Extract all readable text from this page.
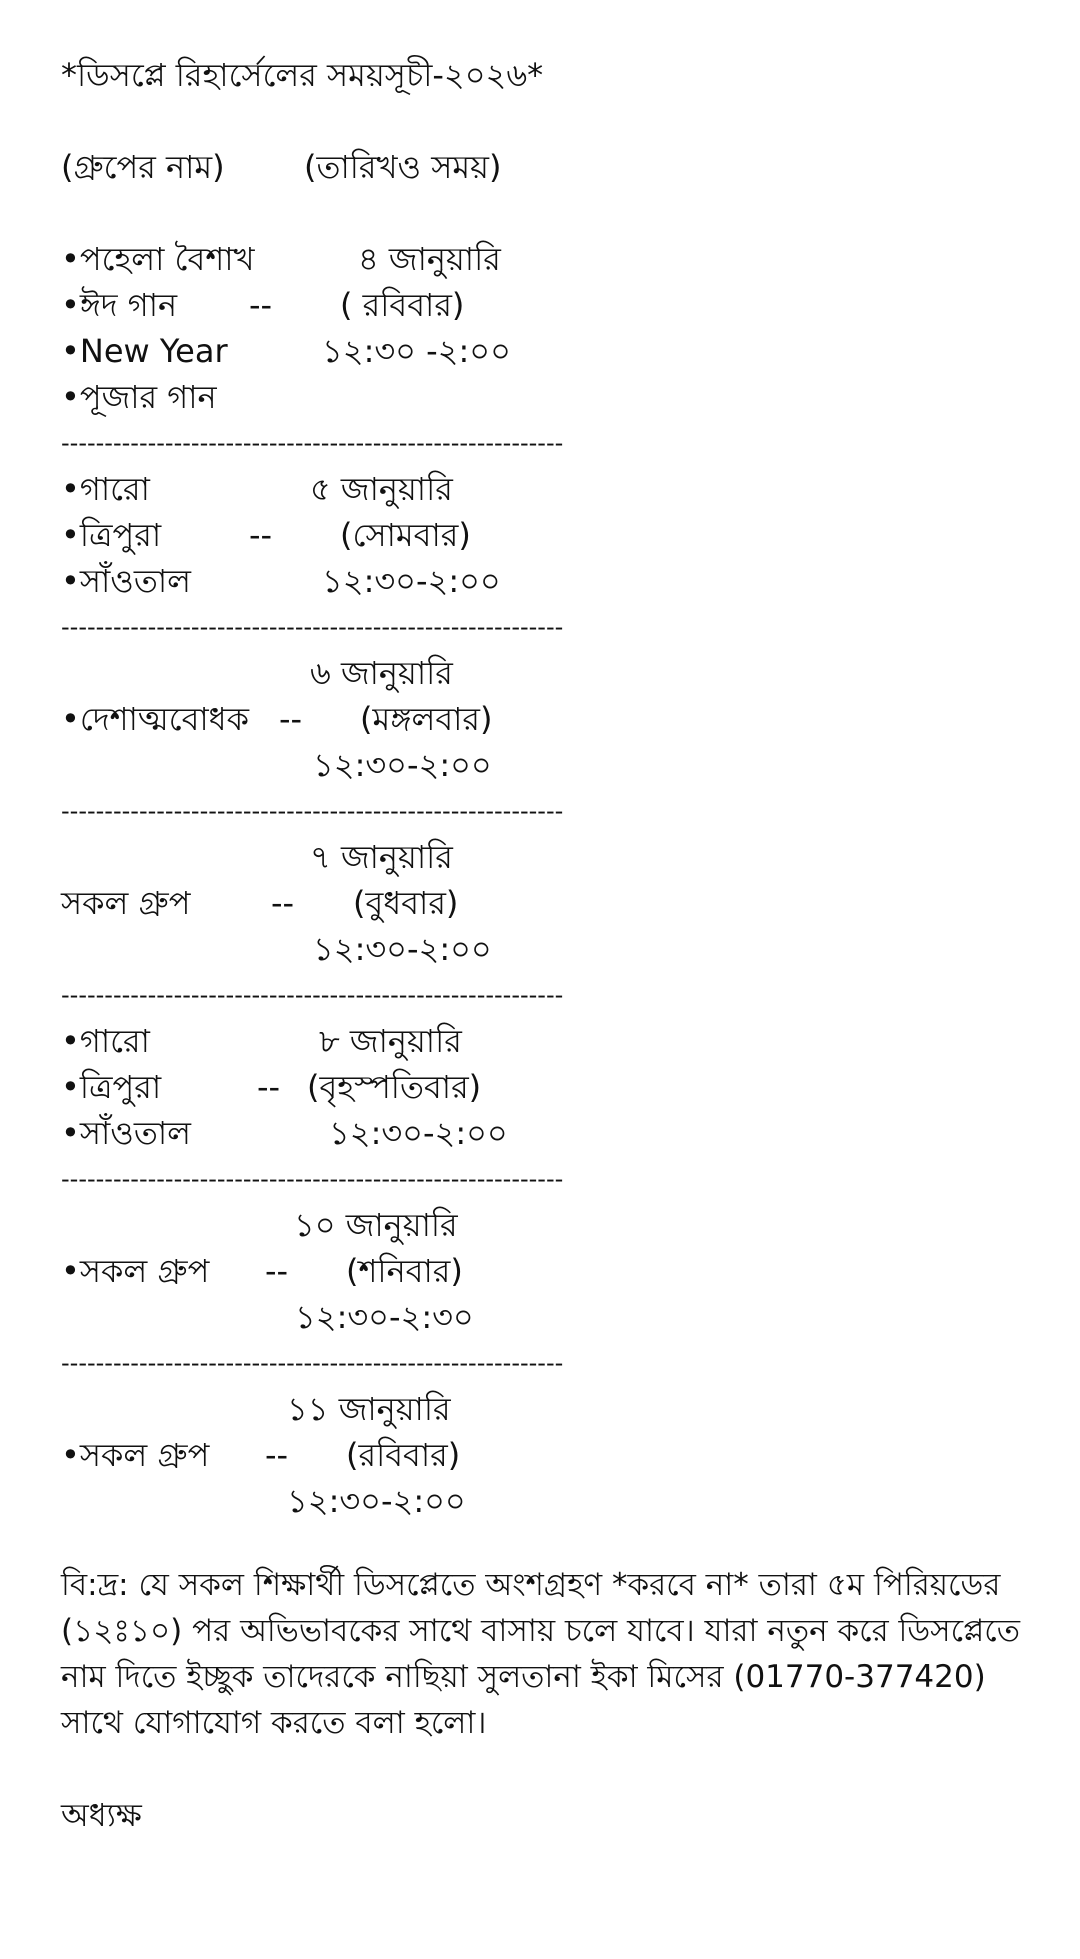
*ডিসপ্লে রিহার্সেলের সময়সূচী-২০২৬*
(গ্রুপের নাম) (তারিখও সময়)
•পহেলা বৈশাখ	৪ জানুয়ারি
•ঈদ গান -- ( রবিবার)
•New Year	১২:৩০ -২:০০
•পূজার গান
----------------------------------------------------------
•গারো	৫ জানুয়ারি
•ত্রিপুরা	-- (সোমবার)
•সাঁওতাল	১২:৩০-২:০০
----------------------------------------------------------
৬ জানুয়ারি
•দেশাত্মবোধক -- (মঙ্গলবার)
১২:৩০-২:০০
----------------------------------------------------------
৭ জানুয়ারি
সকল গ্রুপ	-- (বুধবার)
১২:৩০-২:০০
----------------------------------------------------------
•গারো	৮ জানুয়ারি
•ত্রিপুরা	-- (বৃহস্পতিবার)
•সাঁওতাল	১২:৩০-২:০০
----------------------------------------------------------
১০ জানুয়ারি
•সকল গ্রুপ -- (শনিবার)
১২:৩০-২:৩০
----------------------------------------------------------
১১ জানুয়ারি
•সকল গ্রুপ -- (রবিবার)
১২:৩০-২:০০
বি:দ্র: যে সকল শিক্ষার্থী ডিসপ্লেতে অংশগ্রহণ *করবে না* তারা ৫ম পিরিয়ডের (১২ঃ১০) পর অভিভাবকের সাথে বাসায় চলে যাবে। যারা নতুন করে ডিসপ্লেতে নাম দিতে ইচ্ছুক তাদেরকে নাছিয়া সুলতানা ইকা মিসের (01770-377420) সাথে যোগাযোগ করতে বলা হলো।
অধ্যক্ষ
